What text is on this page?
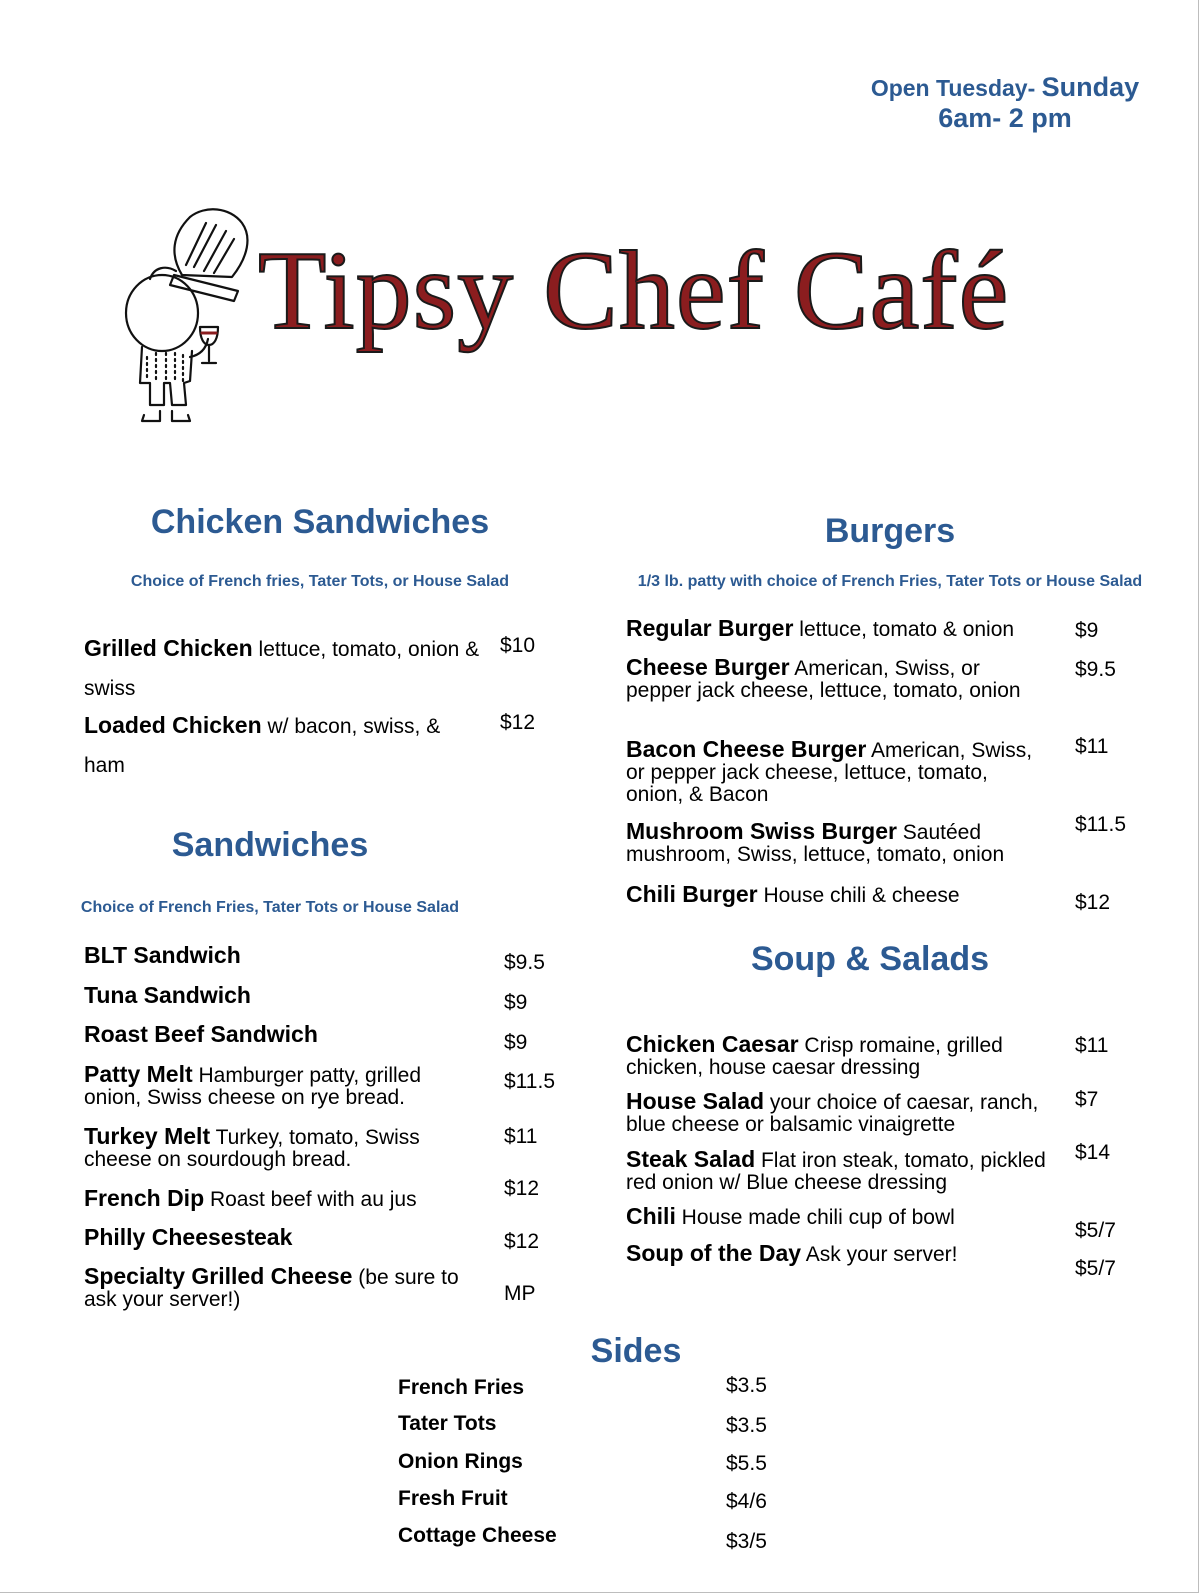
Open Tuesday- Sunday
6am- 2 pm
Tipsy Chef Café
Chicken Sandwiches
Choice of French fries, Tater Tots, or House Salad
Grilled Chicken lettuce, tomato, onion & swiss
$10
Loaded Chicken w/ bacon, swiss, & ham
$12
Sandwiches
Choice of French Fries, Tater Tots or House Salad
BLT Sandwich	$9.5
Tuna Sandwich	$9
Roast Beef Sandwich	$9
Patty Melt Hamburger patty, grilled onion, Swiss cheese on rye bread.
$11.5
Turkey Melt Turkey, tomato, Swiss cheese on sourdough bread.
$11
French Dip Roast beef with au jus	$12
Philly Cheesesteak	$12
Specialty Grilled Cheese (be sure to ask your server!)	MP
Burgers
1/3 lb. patty with choice of French Fries, Tater Tots or House Salad
Regular Burger lettuce, tomato & onion	$9
Cheese Burger American, Swiss, or pepper jack cheese, lettuce, tomato, onion
$9.5
Bacon Cheese Burger American, Swiss, or pepper jack cheese, lettuce, tomato, onion, & Bacon
$11
Mushroom Swiss Burger Sautéed mushroom, Swiss, lettuce, tomato, onion
$11.5
Chili Burger House chili & cheese	$12
Soup & Salads
Chicken Caesar Crisp romaine, grilled chicken, house caesar dressing
$11
House Salad your choice of caesar, ranch, blue cheese or balsamic vinaigrette
$7
Steak Salad Flat iron steak, tomato, pickled red onion w/ Blue cheese dressing
$14
Chili House made chili cup of bowl
$5/7
Soup of the Day Ask your server!
$5/7
Sides
French Fries	$3.5
Tater Tots	$3.5
Onion Rings	$5.5
Fresh Fruit	$4/6
Cottage Cheese	$3/5
